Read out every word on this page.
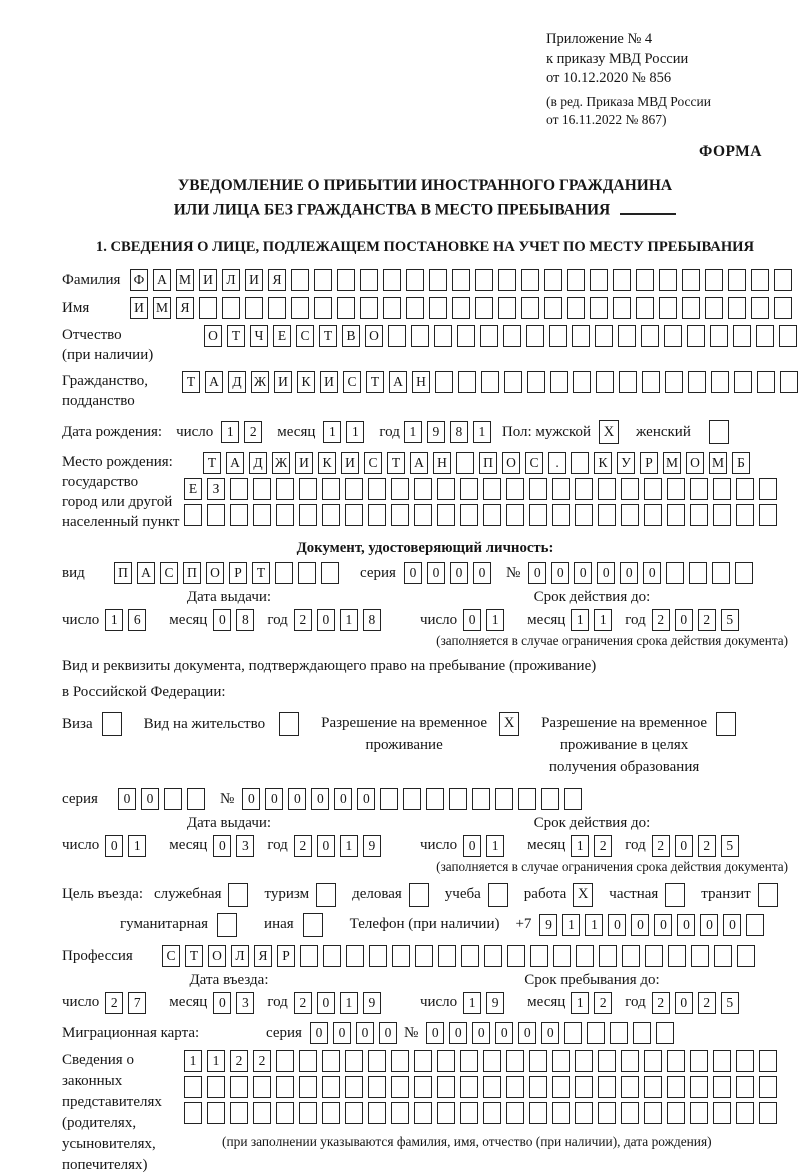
Приложение № 4
к приказу МВД России
от 10.12.2020 № 856
(в ред. Приказа МВД России
от 16.11.2022 № 867)
ФОРМА
УВЕДОМЛЕНИЕ О ПРИБЫТИИ ИНОСТРАННОГО ГРАЖДАНИНА
ИЛИ ЛИЦА БЕЗ ГРАЖДАНСТВА В МЕСТО ПРЕБЫВАНИЯ
1. СВЕДЕНИЯ О ЛИЦЕ, ПОДЛЕЖАЩЕМ ПОСТАНОВКЕ НА УЧЕТ ПО МЕСТУ ПРЕБЫВАНИЯ
Фамилия Ф А М И	Л	И	Я
Имя	И М Я
Отчество
(при наличии)
О	Т	Ч	Е	С	Т	В	О
Гражданство,
подданство
Т	А	Д Ж И	К	И	С	Т	А Н
Дата рождения: число	1	2	месяц	1	1	год 1	9	8	1	Пол: мужской X	женский
Место рождения:
государство
город или другой
населенный пункт
Т	А	Д Ж И	К	И	С	Т	А Н	П О	С	.	К	У	Р М О М Б
Е	З
Документ, удостоверяющий личность:
вид	П А	С	П О	Р	Т	серия	0	0	0	0	№	0	0	0	0	0	0
Дата выдачи:	Срок действия до:
число 1	6	месяц 0	8	год 2	0	1	8	число 0	1	месяц 1	1	год 2	0	2	5
(заполняется в случае ограничения срока действия документа)
Вид и реквизиты документа, подтверждающего право на пребывание (проживание)
в Российской Федерации:
Виза	Вид на жительство	Разрешение на временное
проживание
X	Разрешение на временное
проживание в целях
получения образования
серия	0	0	№	0	0	0	0	0	0
Дата выдачи:	Срок действия до:
число 0	1	месяц 0	3	год 2	0	1	9	число 0	1	месяц 1	2	год 2	0	2	5
(заполняется в случае ограничения срока действия документа)
Цель въезда: служебная	туризм	деловая	учеба	работа X	частная	транзит
гуманитарная	иная	Телефон (при наличии) +7	9	1	1	0	0	0	0	0	0
Профессия	С	Т	О	Л	Я	Р
Дата въезда:	Срок пребывания до:
число 2	7	месяц 0	3	год 2	0	1	9	число 1	9	месяц 1	2	год 2	0	2	5
Миграционная карта:	серия	0	0	0	0 №	0	0	0	0	0	0
Сведения о
законных
представителях
(родителях,
усыновителях,
попечителях)
1	1	2	2
(при заполнении указываются фамилия, имя, отчество (при наличии), дата рождения)
